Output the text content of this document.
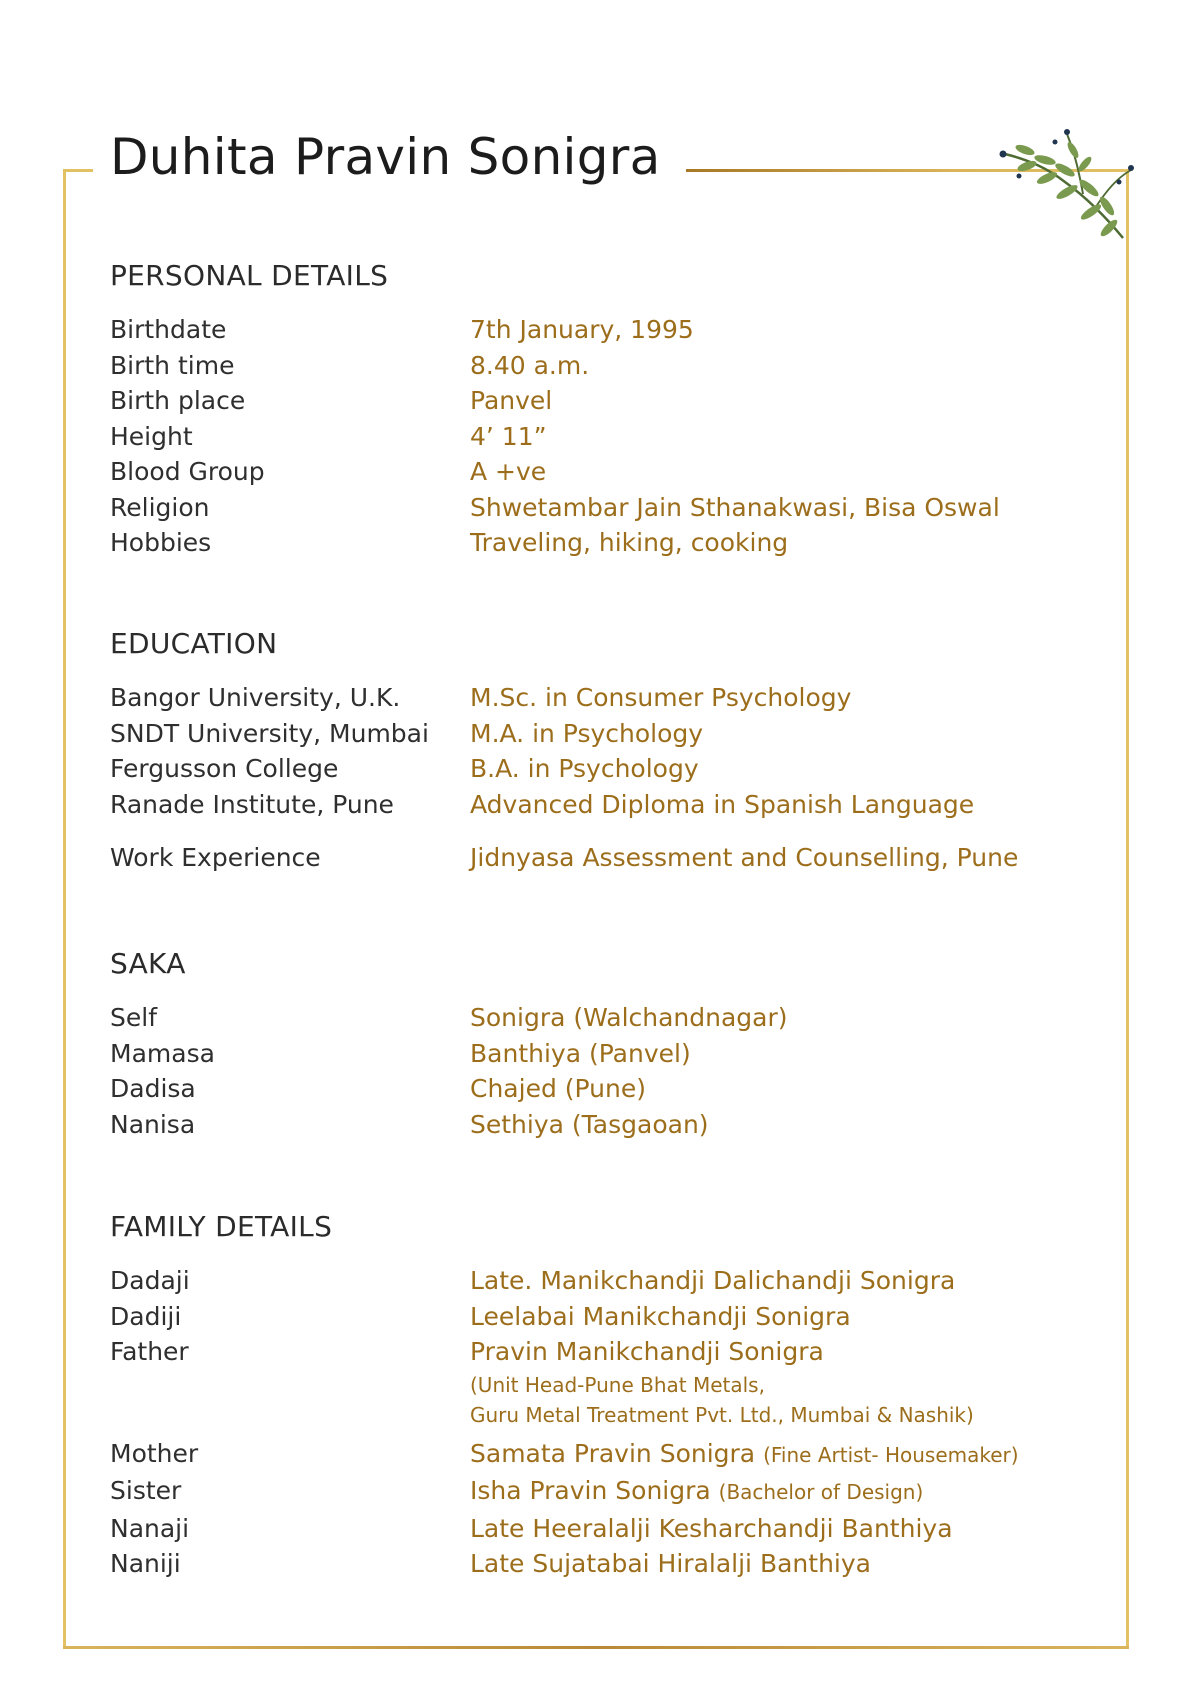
Duhita Pravin Sonigra
PERSONAL DETAILS
Birthdate	7th January, 1995
Birth time	8.40 a.m.
Birth place	Panvel
Height	4’ 11”
Blood Group	A +ve
Religion	Shwetambar Jain Sthanakwasi, Bisa Oswal
Hobbies	Traveling, hiking, cooking
EDUCATION
Bangor University, U.K.	M.Sc. in Consumer Psychology
SNDT University, Mumbai	M.A. in Psychology
Fergusson College	B.A. in Psychology
Ranade Institute, Pune	Advanced Diploma in Spanish Language
Work Experience	Jidnyasa Assessment and Counselling, Pune
SAKA
Self	Sonigra (Walchandnagar)
Mamasa	Banthiya (Panvel)
Dadisa	Chajed (Pune)
Nanisa	Sethiya (Tasgaoan)
FAMILY DETAILS
Dadaji	Late. Manikchandji Dalichandji Sonigra
Dadiji	Leelabai Manikchandji Sonigra
Father	Pravin Manikchandji Sonigra
(Unit Head-Pune Bhat Metals,
Guru Metal Treatment Pvt. Ltd., Mumbai & Nashik)
Mother	Samata Pravin Sonigra (Fine Artist- Housemaker)
Sister	Isha Pravin Sonigra (Bachelor of Design)
Nanaji	Late Heeralalji Kesharchandji Banthiya
Naniji	Late Sujatabai Hiralalji Banthiya
